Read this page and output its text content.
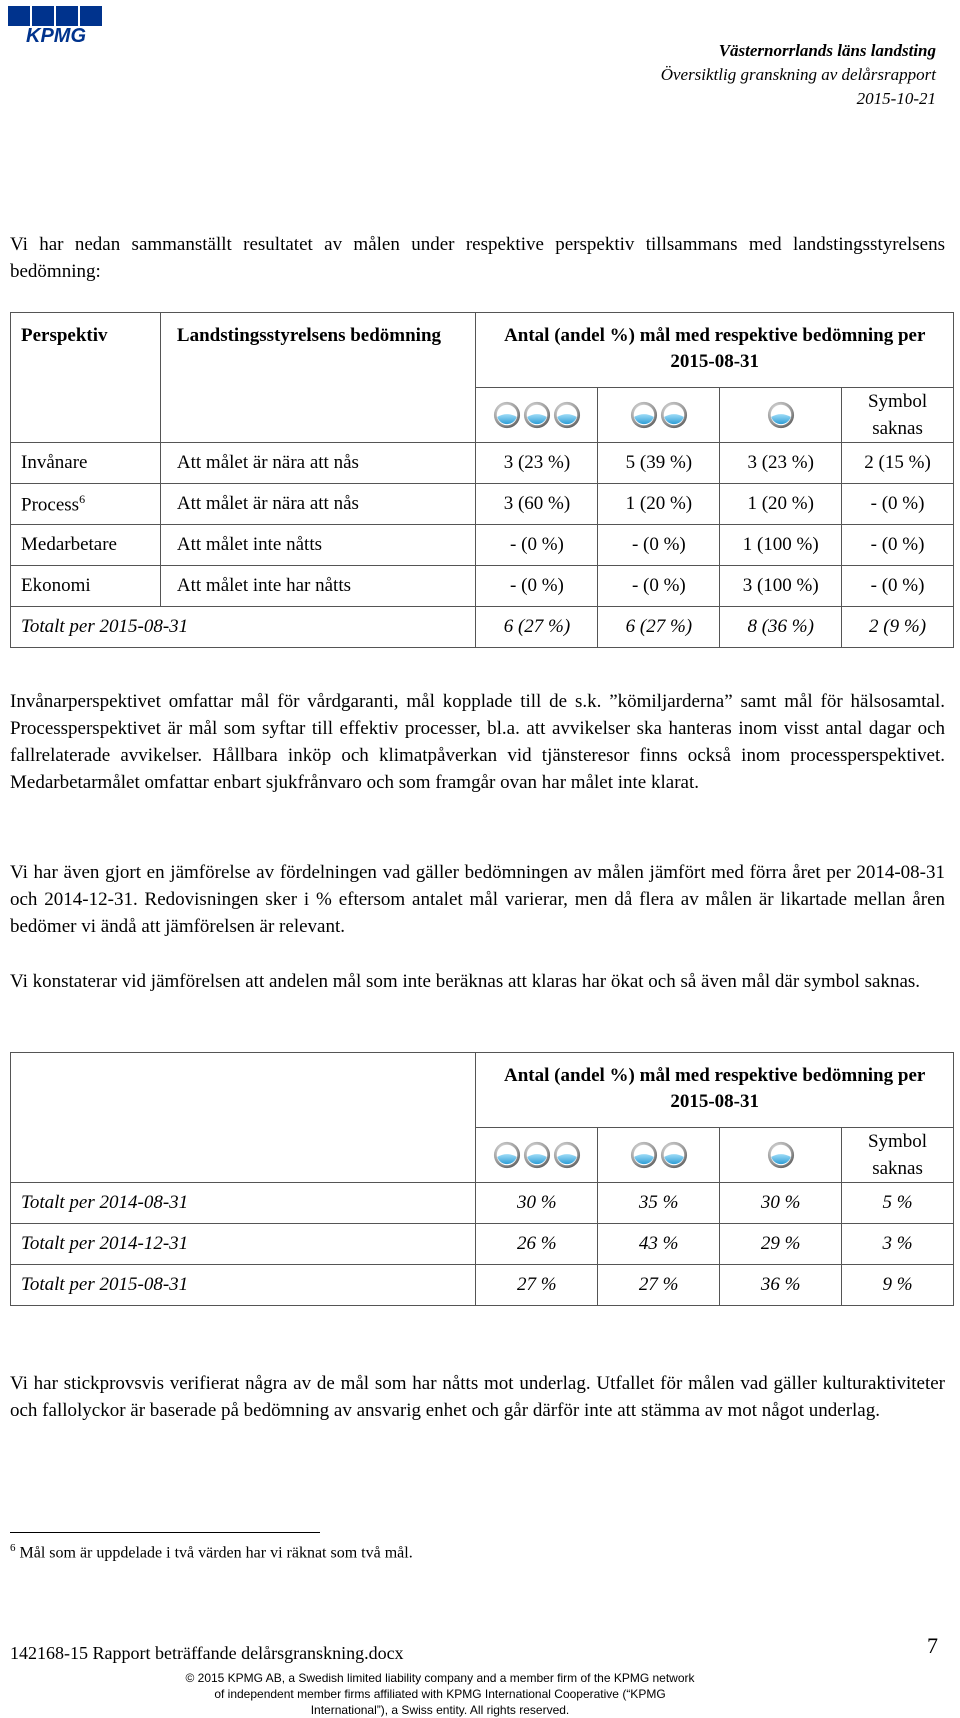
KPMG
Västernorrlands läns landsting
Översiktlig granskning av delårsrapport
2015-10-21

Vi har nedan sammanställt resultatet av målen under respektive perspektiv tillsammans med landstingsstyrelsens bedömning:

Perspektiv	Landstingsstyrelsens bedömning	Antal (andel %) mål med respektive bedömning per 2015-08-31			

	Symbol saknas
Invånare	Att målet är nära att nås	3 (23 %)	5 (39 %)	3 (23 %)	2 (15 %)
Process$^6$	Att målet är nära att nås	3 (60 %)	1 (20 %)	1 (20 %)	- (0 %)
Medarbetare	Att målet inte nåtts	- (0 %)	- (0 %)	1 (100 %)	- (0 %)
Ekonomi	Att målet inte har nåtts	- (0 %)	- (0 %)	3 (100 %)	- (0 %)
Totalt per 2015-08-31		6 (27 %)	6 (27 %)	8 (36 %)	2 (9 %)

Invånarperspektivet omfattar mål för vårdgaranti, mål kopplade till de s.k. ”kömiljarderna” samt mål för hälsosamtal. Processperspektivet är mål som syftar till effektiv processer, bl.a. att avvikelser ska hanteras inom visst antal dagar och fallrelaterade avvikelser. Hållbara inköp och klimatpåverkan vid tjänsteresor finns också inom processperspektivet. Medarbetarmålet omfattar enbart sjukfrånvaro och som framgår ovan har målet inte klarat.

Vi har även gjort en jämförelse av fördelningen vad gäller bedömningen av målen jämfört med förra året per 2014-08-31 och 2014-12-31. Redovisningen sker i % eftersom antalet mål varierar, men då flera av målen är likartade mellan åren bedömer vi ändå att jämförelsen är relevant.

Vi konstaterar vid jämförelsen att andelen mål som inte beräknas att klaras har ökat och så även mål där symbol saknas.

	Antal (andel %) mål med respektive bedömning per 2015-08-31			

	Symbol saknas
Totalt per 2014-08-31	30 %	35 %	30 %	5 %
Totalt per 2014-12-31	26 %	43 %	29 %	3 %
Totalt per 2015-08-31	27 %	27 %	36 %	9 %

Vi har stickprovsvis verifierat några av de mål som har nåtts mot underlag. Utfallet för målen vad gäller kulturaktiviteter och fallolyckor är baserade på bedömning av ansvarig enhet och går därför inte att stämma av mot något underlag.

$^6$ Mål som är uppdelade i två värden har vi räknat som två mål.
142168-15 Rapport beträffande delårsgranskning.docx	7
© 2015 KPMG AB, a Swedish limited liability company and a member firm of the KPMG network of independent member firms affiliated with KPMG International Cooperative (“KPMG International”), a Swiss entity. All rights reserved.
